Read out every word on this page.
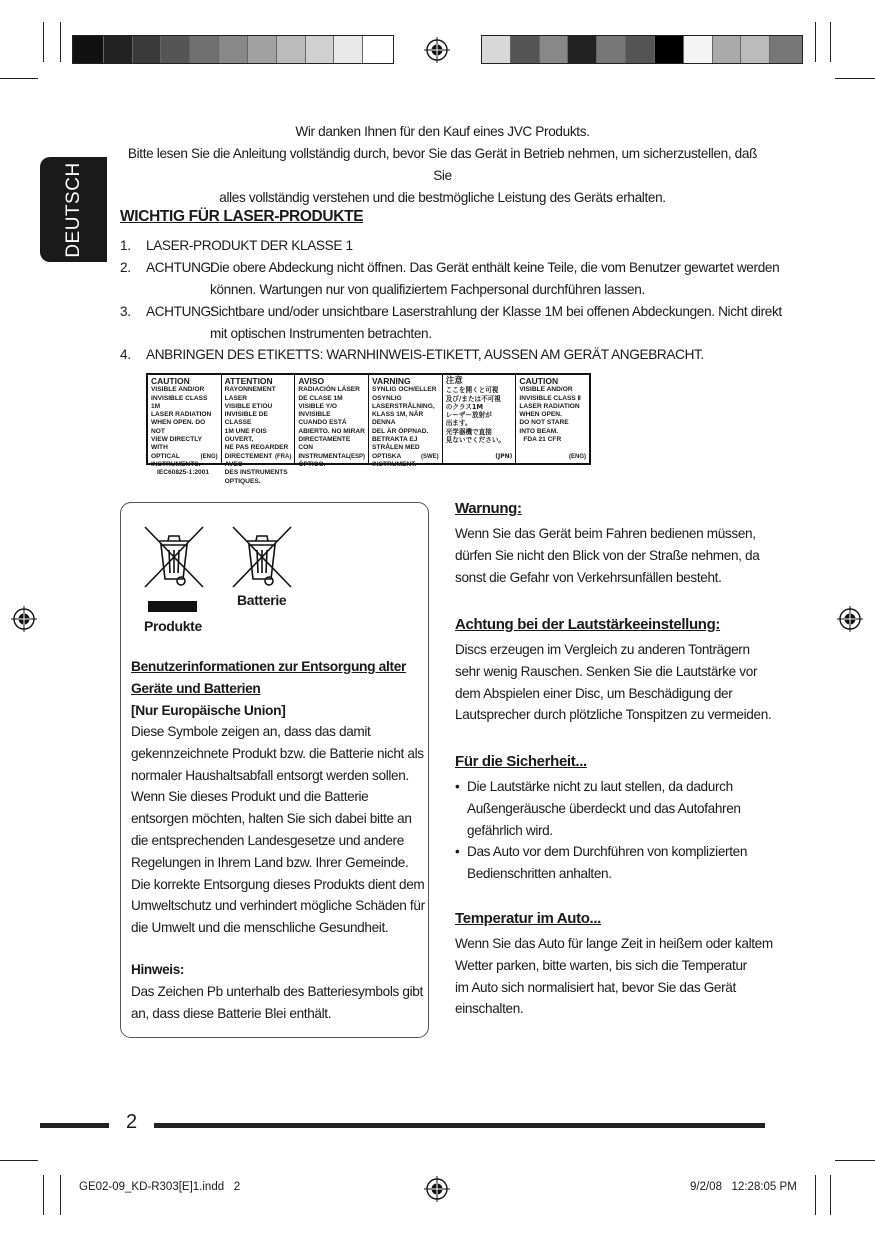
DEUTSCH
Wir danken Ihnen für den Kauf eines JVC Produkts.
Bitte lesen Sie die Anleitung vollständig durch, bevor Sie das Gerät in Betrieb nehmen, um sicherzustellen, daß Sie
alles vollständig verstehen und die bestmögliche Leistung des Geräts erhalten.
WICHTIG FÜR LASER-PRODUKTE
1. LASER-PRODUKT DER KLASSE 1
2. ACHTUNG:
Die obere Abdeckung nicht öffnen. Das Gerät enthält keine Teile, die vom Benutzer gewartet werden
können. Wartungen nur von qualifiziertem Fachpersonal durchführen lassen.
3. ACHTUNG:
Sichtbare und/oder unsichtbare Laserstrahlung der Klasse 1M bei offenen Abdeckungen. Nicht direkt
mit optischen Instrumenten betrachten.
4. ANBRINGEN DES ETIKETTS: WARNHINWEIS-ETIKETT, AUSSEN AM GERÄT ANGEBRACHT.
CAUTION
VISIBLE AND/OR
INVISIBLE CLASS 1M
LASER RADIATION
WHEN OPEN. DO NOT
VIEW DIRECTLY WITH
OPTICAL INSTRUMENTS.
IEC60825-1:2001
(ENG)
ATTENTION
RAYONNEMENT LASER
VISIBLE ET/OU
INVISIBLE DE CLASSE
1M UNE FOIS OUVERT,
NE PAS REGARDER
DIRECTEMENT AVEC
DES INSTRUMENTS
OPTIQUES.
(FRA)
AVISO
RADIACIÓN LÁSER
DE CLASE 1M
VISIBLE Y/O INVISIBLE
CUANDO ESTÁ
ABIERTO. NO MIRAR
DIRECTAMENTE
CON INSTRUMENTAL
ÓPTICO.
(ESP)
VARNING
SYNLIG OCH/ELLER
OSYNLIG
LASERSTRÅLNING,
KLASS 1M, NÄR DENNA
DEL ÄR ÖPPNAD.
BETRAKTA EJ
STRÅLEN MED OPTISKA
INSTRUMENT.
(SWE)
注意
ここを開くと可視
及び/または不可視
のクラス1M
レーザー放射が
出ます。
光学器機で直接
見ないでください。
(JPN)
CAUTION
VISIBLE AND/OR
INVISIBLE CLASS Ⅱ
LASER RADIATION
WHEN OPEN.
DO NOT STARE
INTO BEAM.
FDA 21 CFR
(ENG)
Produkte
Batterie
Benutzerinformationen zur Entsorgung alter
Geräte und Batterien
[Nur Europäische Union]
Diese Symbole zeigen an, dass das damit
gekennzeichnete Produkt bzw. die Batterie nicht als
normaler Haushaltsabfall entsorgt werden sollen.
Wenn Sie dieses Produkt und die Batterie
entsorgen möchten, halten Sie sich dabei bitte an
die entsprechenden Landesgesetze und andere
Regelungen in Ihrem Land bzw. Ihrer Gemeinde.
Die korrekte Entsorgung dieses Produkts dient dem
Umweltschutz und verhindert mögliche Schäden für
die Umwelt und die menschliche Gesundheit.
Hinweis:
Das Zeichen Pb unterhalb des Batteriesymbols gibt
an, dass diese Batterie Blei enthält.
Warnung:
Wenn Sie das Gerät beim Fahren bedienen müssen,
dürfen Sie nicht den Blick von der Straße nehmen, da
sonst die Gefahr von Verkehrsunfällen besteht.
Achtung bei der Lautstärkeeinstellung:
Discs erzeugen im Vergleich zu anderen Tonträgern
sehr wenig Rauschen. Senken Sie die Lautstärke vor
dem Abspielen einer Disc, um Beschädigung der
Lautsprecher durch plötzliche Tonspitzen zu vermeiden.
Für die Sicherheit...
• Die Lautstärke nicht zu laut stellen, da dadurch
Außengeräusche überdeckt und das Autofahren
gefährlich wird.
• Das Auto vor dem Durchführen von komplizierten
Bedienschritten anhalten.
Temperatur im Auto...
Wenn Sie das Auto für lange Zeit in heißem oder kaltem
Wetter parken, bitte warten, bis sich die Temperatur
im Auto sich normalisiert hat, bevor Sie das Gerät
einschalten.
2
GE02-09_KD-R303[E]1.indd   2	9/2/08   12:28:05 PM
